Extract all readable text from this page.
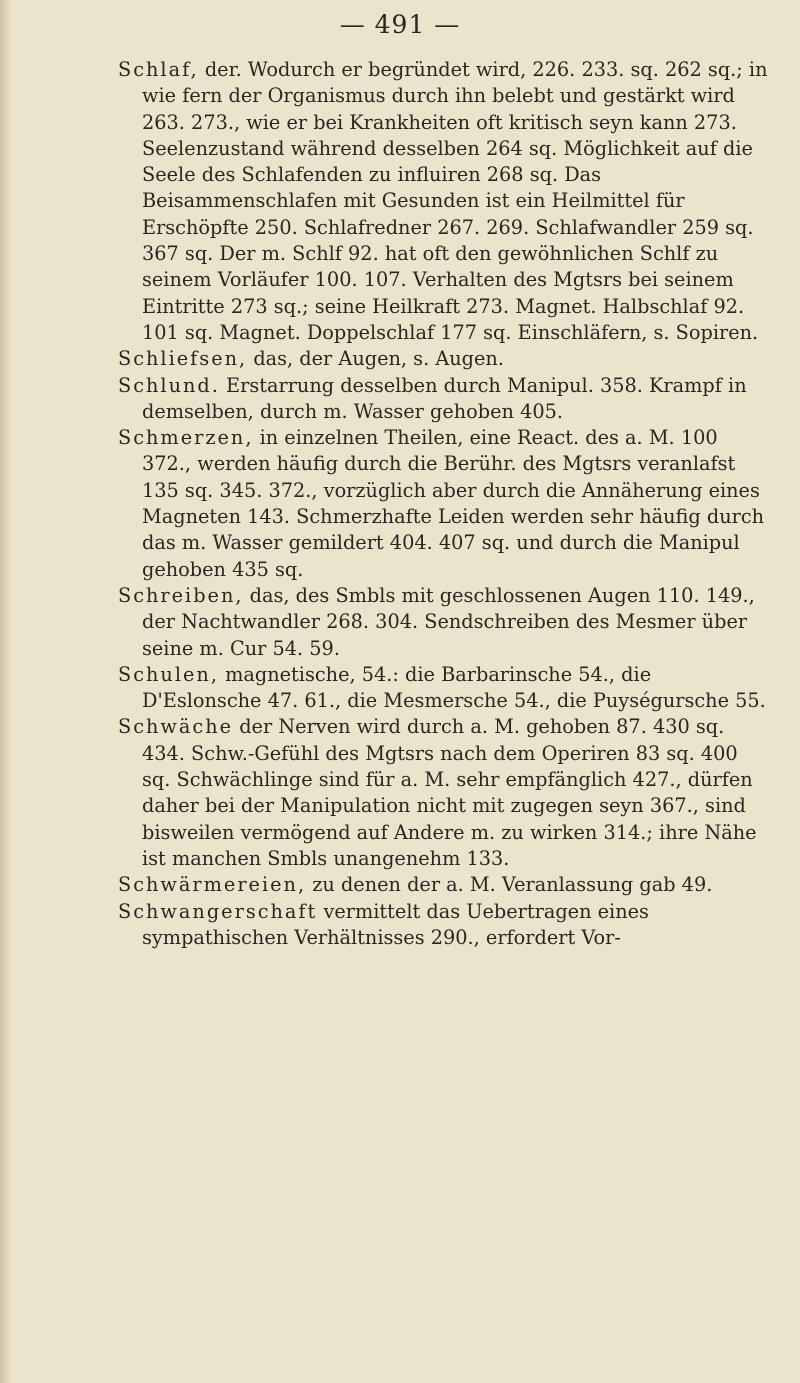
— 491 —

Schlaf, der. Wodurch er begründet wird, 226. 233. sq. 262 sq.; in wie fern der Organismus durch ihn belebt und gestärkt wird 263. 273., wie er bei Krankheiten oft kritisch seyn kann 273. Seelenzustand während desselben 264 sq. Möglichkeit auf die Seele des Schlafenden zu influiren 268 sq. Das Beisammenschlafen mit Gesunden ist ein Heilmittel für Erschöpfte 250. Schlafredner 267. 269. Schlafwandler 259 sq. 367 sq. Der m. Schlf 92. hat oft den gewöhnlichen Schlf zu seinem Vorläufer 100. 107. Verhalten des Mgtsrs bei seinem Eintritte 273 sq.; seine Heilkraft 273. Magnet. Halbschlaf 92. 101 sq. Magnet. Doppelschlaf 177 sq. Einschläfern, s. Sopiren.

Schliefsen, das, der Augen, s. Augen.

Schlund. Erstarrung desselben durch Manipul. 358. Krampf in demselben, durch m. Wasser gehoben 405.

Schmerzen, in einzelnen Theilen, eine React. des a. M. 100 372., werden häufig durch die Berühr. des Mgtsrs veranlafst 135 sq. 345. 372., vorzüglich aber durch die Annäherung eines Magneten 143. Schmerzhafte Leiden werden sehr häufig durch das m. Wasser gemildert 404. 407 sq. und durch die Manipul gehoben 435 sq.

Schreiben, das, des Smbls mit geschlossenen Augen 110. 149., der Nachtwandler 268. 304. Sendschreiben des Mesmer über seine m. Cur 54. 59.

Schulen, magnetische, 54.: die Barbarinsche 54., die D'Eslonsche 47. 61., die Mesmersche 54., die Puységursche 55.

Schwäche der Nerven wird durch a. M. gehoben 87. 430 sq. 434. Schw.-Gefühl des Mgtsrs nach dem Operiren 83 sq. 400 sq. Schwächlinge sind für a. M. sehr empfänglich 427., dürfen daher bei der Manipulation nicht mit zugegen seyn 367., sind bisweilen vermögend auf Andere m. zu wirken 314.; ihre Nähe ist manchen Smbls unangenehm 133.

Schwärmereien, zu denen der a. M. Veranlassung gab 49.

Schwangerschaft vermittelt das Uebertragen eines sympathischen Verhältnisses 290., erfordert Vor-
